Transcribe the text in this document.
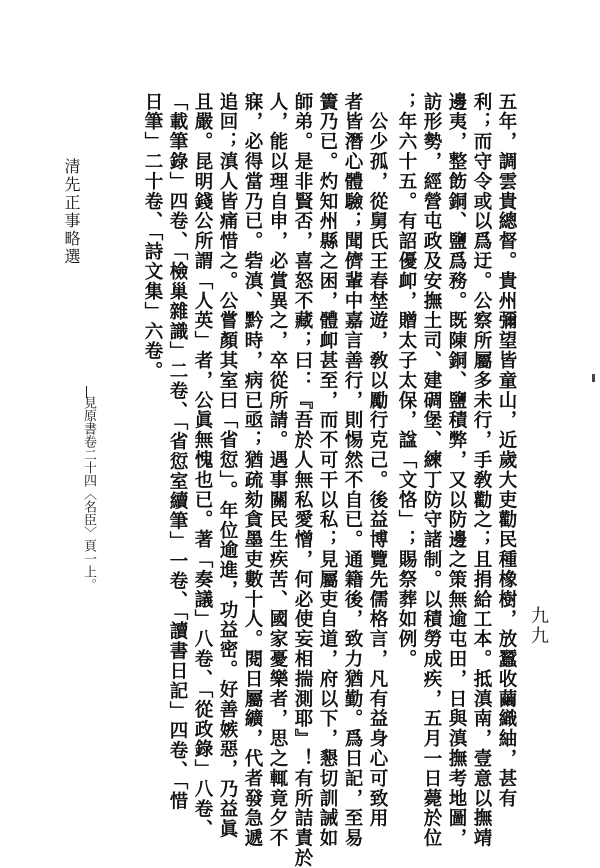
清先正事略選
見原書卷二十四〈名臣〉頁一上。	五年，調雲貴總督。貴州彌望皆童山，近歲大吏勸民種橡樹，放蠶收繭織紬，甚有
利；而守令或以爲迂。公察所屬多未行，手敎勸之；且捐給工本。抵滇南，壹意以撫靖
邊夷，整飭銅、鹽爲務。既陳銅、鹽積弊，又以防邊之策無逾屯田，日與滇撫考地圖，
訪形勢，經營屯政及安撫土司、建碉堡、練丁防守諸制。以積勞成疾，五月一日薨於位
；年六十五。有詔優卹，贈太子太保，諡「文恪」；賜祭葬如例。
　公少孤，從舅氏王春埜遊，敎以勵行克己。後益博覽先儒格言，凡有益身心可致用
者皆潛心體驗；聞儕輩中嘉言善行，則惕然不自已。通籍後，致力猶勤。爲日記，至易
簀乃已。灼知州縣之困，體卹甚至，而不可干以私；見屬吏自道，府以下，懇切訓誡如
師弟。是非賢否，喜怒不藏；曰：『吾於人無私愛憎，何必使妄相揣測耶』！有所詰責於
人，能以理自申，必賞異之，卒從所請。遇事關民生疾苦、國家憂樂者，思之輒竟夕不
寐，必得當乃已。砦滇、黔時，病已亟；猶疏劾貪墨吏數十人。閱日屬纊，代者發急遞
追回；滇人皆痛惜之。公嘗顏其室曰「省愆」。年位逾進，功益密。好善嫉惡，乃益眞
且嚴。昆明錢公所謂「人英」者，公眞無愧也已。著「奏議」八卷、「從政錄」八卷、
「載筆錄」四卷、「檢巢雜識」二卷、「省愆室續筆」一卷、「讀書日記」四卷、「惜
日筆」二十卷、「詩文集」六卷。
九九
